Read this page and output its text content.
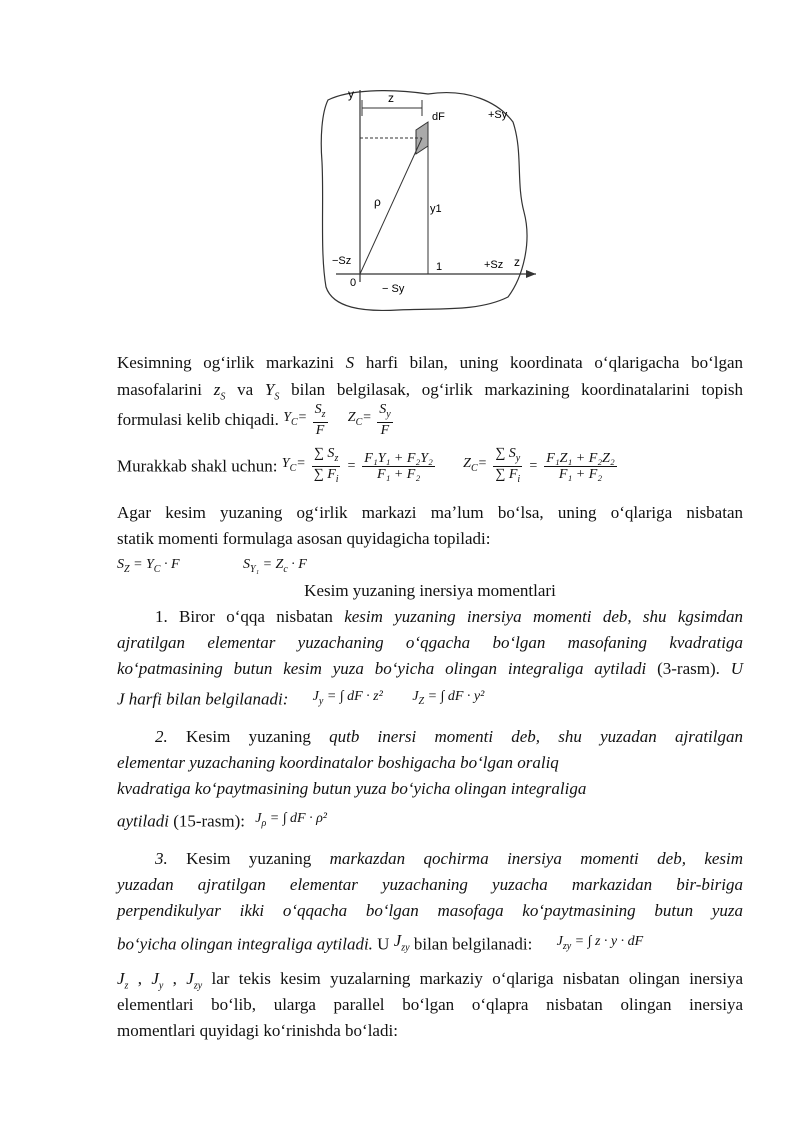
y	z
dF	+Sy
ρ	y1
−Sz
0
1	+Sz z
− Sy
Kesimning ogʻirlik markazini S harfi bilan, uning koordinata oʻqlarigacha boʻlgan
masofalarini $z_S$ va $Y_S$ bilan belgilasak, ogʻirlik markazining koordinatalarini topish
formulasi kelib chiqadi. $Y_C= \frac{S_z}{F} Z_C= \frac{S_y}{F}$
Murakkab shakl uchun: $Y_C= \frac{\sum S_z}{\sum F_i} = \frac{\text{F₁Y₁ + F₂Y₂}}{\text{F₁ + F₂}} Z_C= \frac{\sum S_y}{\sum F_i} = \frac{\text{F₁Z₁ + F₂Z₂}}{\text{F₁ + F₂}}$
Agar kesim yuzaning ogʻirlik markazi maʼlum boʻlsa, uning oʻqlariga nisbatan
statik momenti formulaga asosan quyidagicha topiladi:
$S_Z = Y_C \cdot F$	$S_{Y_1} = Z_c \cdot F$
Kesim yuzaning inersiya momentlari
1. Biror oʻqqa nisbatan kesim yuzaning inersiya momenti deb, shu kgsimdan
ajratilgan elementar yuzachaning oʻqgacha boʻlgan masofaning kvadratiga
koʻpatmasining butun kesim yuza boʻyicha olingan integraliga aytiladi (3-rasm). U
J harfi bilan belgilanadi: $J_y$ = ∫ dF · z² $J_Z$ = ∫ dF · y²
2. Kesim yuzaning qutb inersi momenti deb, shu yuzadan ajratilgan
elementar yuzachaning koordinatalor boshigacha boʻlgan oraliq
kvadratiga koʻpaytmasining butun yuza boʻyicha olingan integraliga
aytiladi (15-rasm): $J_\rho$ = ∫ dF · ρ²
3. Kesim yuzaning markazdan qochirma inersiya momenti deb, kesim
yuzadan ajratilgan elementar yuzachaning yuzacha markazidan bir-biriga
perpendikulyar ikki oʻqqacha boʻlgan masofaga koʻpaytmasining butun yuza
boʻyicha olingan integraliga aytiladi. U $J_{zy}$ bilan belgilanadi: $J_{zy}$ = ∫ z · y · dF
$J_z$ , $J_y$ , $J_{zy}$ lar tekis kesim yuzalarning markaziy oʻqlariga nisbatan olingan inersiya
elementlari boʻlib, ularga parallel boʻlgan oʻqlapra nisbatan olingan inersiya
momentlari quyidagi koʻrinishda boʻladi:
